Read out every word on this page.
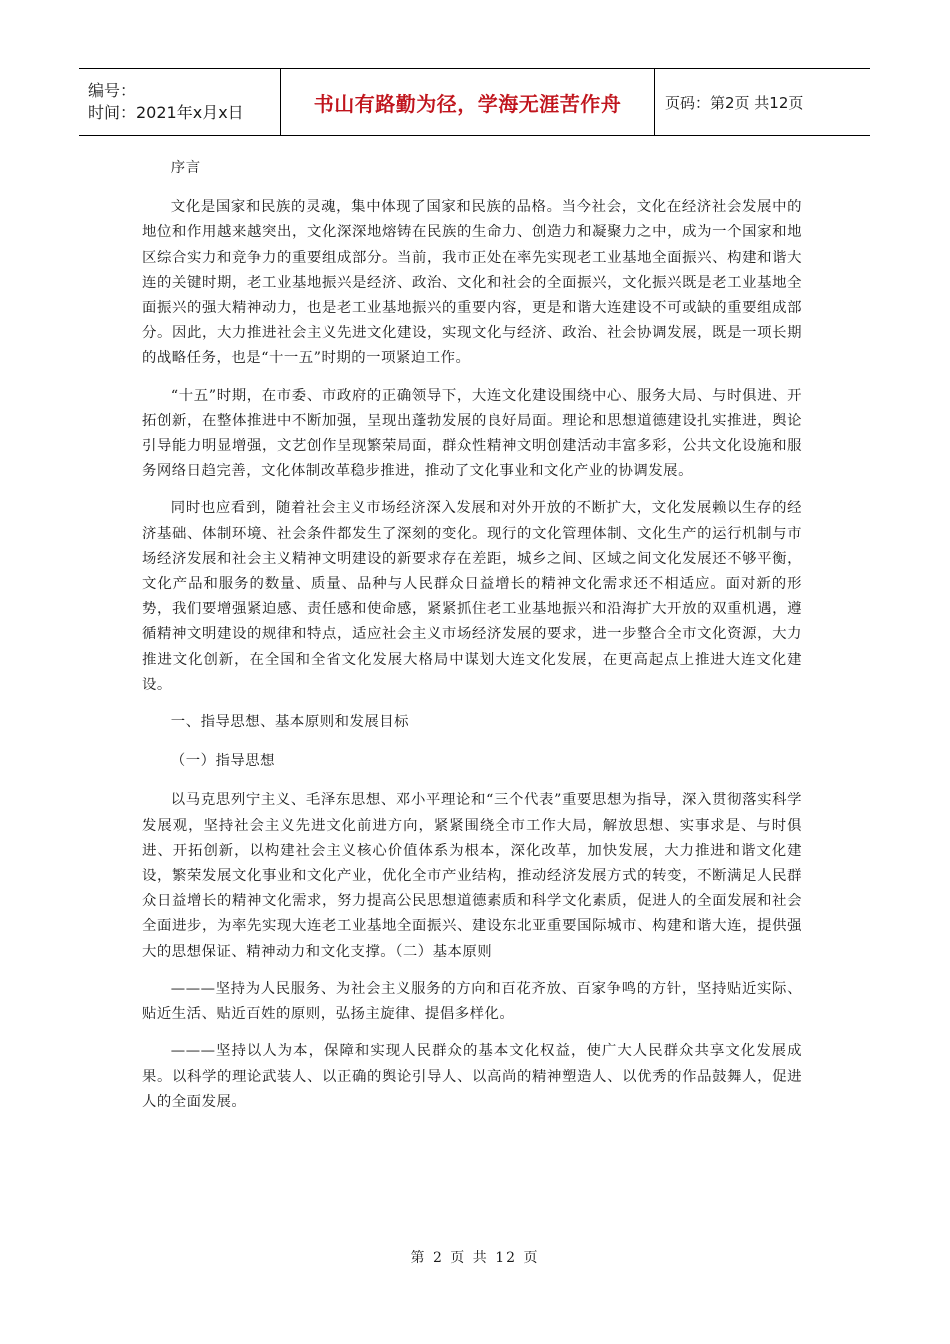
编号：
时间：2021年x月x日	书山有路勤为径，学海无涯苦作舟	页码：第2页 共12页

序言

文化是国家和民族的灵魂，集中体现了国家和民族的品格。当今社会，文化在经济社会发展中的地位和作用越来越突出，文化深深地熔铸在民族的生命力、创造力和凝聚力之中，成为一个国家和地区综合实力和竞争力的重要组成部分。当前，我市正处在率先实现老工业基地全面振兴、构建和谐大连的关键时期，老工业基地振兴是经济、政治、文化和社会的全面振兴，文化振兴既是老工业基地全面振兴的强大精神动力，也是老工业基地振兴的重要内容，更是和谐大连建设不可或缺的重要组成部分。因此，大力推进社会主义先进文化建设，实现文化与经济、政治、社会协调发展，既是一项长期的战略任务，也是“十一五”时期的一项紧迫工作。

“十五”时期，在市委、市政府的正确领导下，大连文化建设围绕中心、服务大局、与时俱进、开拓创新，在整体推进中不断加强，呈现出蓬勃发展的良好局面。理论和思想道德建设扎实推进，舆论引导能力明显增强，文艺创作呈现繁荣局面，群众性精神文明创建活动丰富多彩，公共文化设施和服务网络日趋完善，文化体制改革稳步推进，推动了文化事业和文化产业的协调发展。

同时也应看到，随着社会主义市场经济深入发展和对外开放的不断扩大，文化发展赖以生存的经济基础、体制环境、社会条件都发生了深刻的变化。现行的文化管理体制、文化生产的运行机制与市场经济发展和社会主义精神文明建设的新要求存在差距，城乡之间、区域之间文化发展还不够平衡，文化产品和服务的数量、质量、品种与人民群众日益增长的精神文化需求还不相适应。面对新的形势，我们要增强紧迫感、责任感和使命感，紧紧抓住老工业基地振兴和沿海扩大开放的双重机遇，遵循精神文明建设的规律和特点，适应社会主义市场经济发展的要求，进一步整合全市文化资源，大力推进文化创新，在全国和全省文化发展大格局中谋划大连文化发展，在更高起点上推进大连文化建设。

一、指导思想、基本原则和发展目标

（一）指导思想

以马克思列宁主义、毛泽东思想、邓小平理论和“三个代表”重要思想为指导，深入贯彻落实科学发展观，坚持社会主义先进文化前进方向，紧紧围绕全市工作大局，解放思想、实事求是、与时俱进、开拓创新，以构建社会主义核心价值体系为根本，深化改革，加快发展，大力推进和谐文化建设，繁荣发展文化事业和文化产业，优化全市产业结构，推动经济发展方式的转变，不断满足人民群众日益增长的精神文化需求，努力提高公民思想道德素质和科学文化素质，促进人的全面发展和社会全面进步，为率先实现大连老工业基地全面振兴、建设东北亚重要国际城市、构建和谐大连，提供强大的思想保证、精神动力和文化支撑。（二）基本原则

———坚持为人民服务、为社会主义服务的方向和百花齐放、百家争鸣的方针，坚持贴近实际、贴近生活、贴近百姓的原则，弘扬主旋律、提倡多样化。

———坚持以人为本，保障和实现人民群众的基本文化权益，使广大人民群众共享文化发展成果。以科学的理论武装人、以正确的舆论引导人、以高尚的精神塑造人、以优秀的作品鼓舞人，促进人的全面发展。

第 2 页 共 12 页
